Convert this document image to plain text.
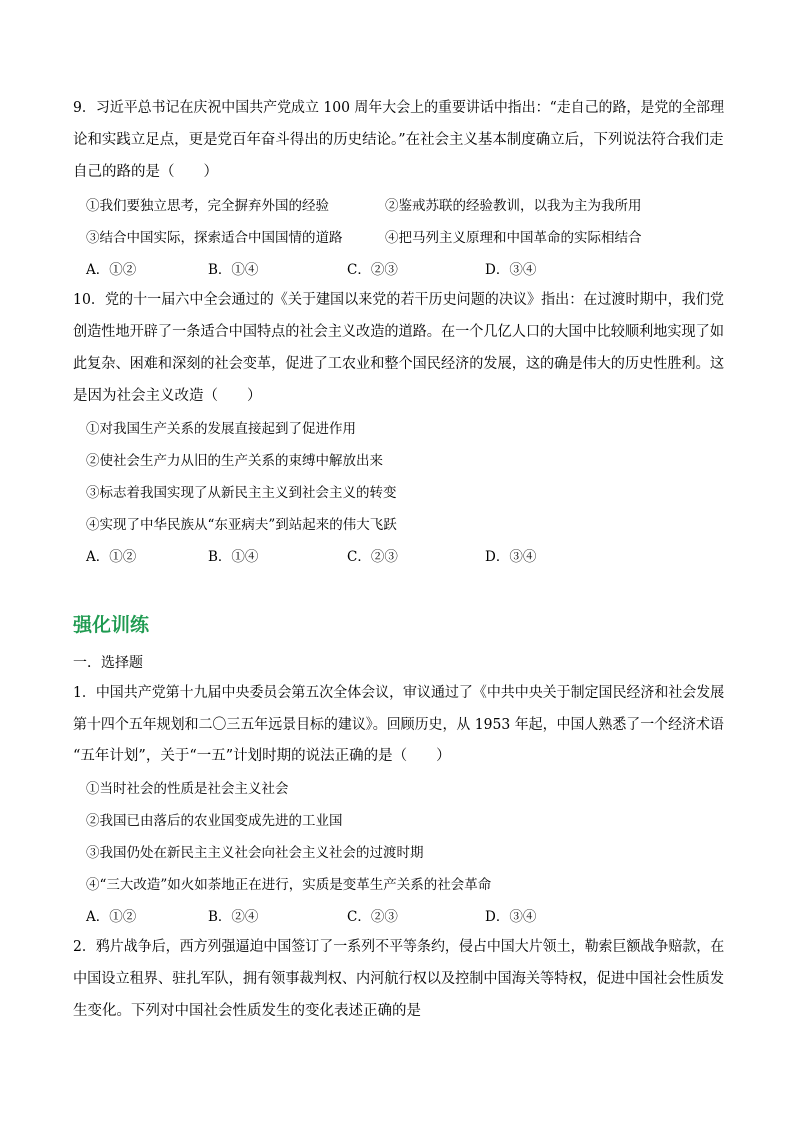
9．习近平总书记在庆祝中国共产党成立 100 周年大会上的重要讲话中指出：“走自己的路，是党的全部理
论和实践立足点，更是党百年奋斗得出的历史结论。”在社会主义基本制度确立后，下列说法符合我们走
自己的路的是（　　）
①我们要独立思考，完全摒弃外国的经验	②鉴戒苏联的经验教训，以我为主为我所用
③结合中国实际，探索适合中国国情的道路	④把马列主义原理和中国革命的实际相结合
A．①②	B．①④	C．②③	D．③④
10．党的十一届六中全会通过的《关于建国以来党的若干历史问题的决议》指出：在过渡时期中，我们党
创造性地开辟了一条适合中国特点的社会主义改造的道路。在一个几亿人口的大国中比较顺利地实现了如
此复杂、困难和深刻的社会变革，促进了工农业和整个国民经济的发展，这的确是伟大的历史性胜利。这
是因为社会主义改造（　　）
①对我国生产关系的发展直接起到了促进作用
②使社会生产力从旧的生产关系的束缚中解放出来
③标志着我国实现了从新民主主义到社会主义的转变
④实现了中华民族从“东亚病夫”到站起来的伟大飞跃
A．①②	B．①④	C．②③	D．③④
强化训练
一．选择题
1．中国共产党第十九届中央委员会第五次全体会议，审议通过了《中共中央关于制定国民经济和社会发展
第十四个五年规划和二〇三五年远景目标的建议》。回顾历史，从 1953 年起，中国人熟悉了一个经济术语
“五年计划”，关于“一五”计划时期的说法正确的是（　　）
①当时社会的性质是社会主义社会
②我国已由落后的农业国变成先进的工业国
③我国仍处在新民主主义社会向社会主义社会的过渡时期
④“三大改造”如火如荼地正在进行，实质是变革生产关系的社会革命
A．①②	B．②④	C．②③	D．③④
2．鸦片战争后，西方列强逼迫中国签订了一系列不平等条约，侵占中国大片领土，勒索巨额战争赔款，在
中国设立租界、驻扎军队，拥有领事裁判权、内河航行权以及控制中国海关等特权，促进中国社会性质发
生变化。下列对中国社会性质发生的变化表述正确的是
